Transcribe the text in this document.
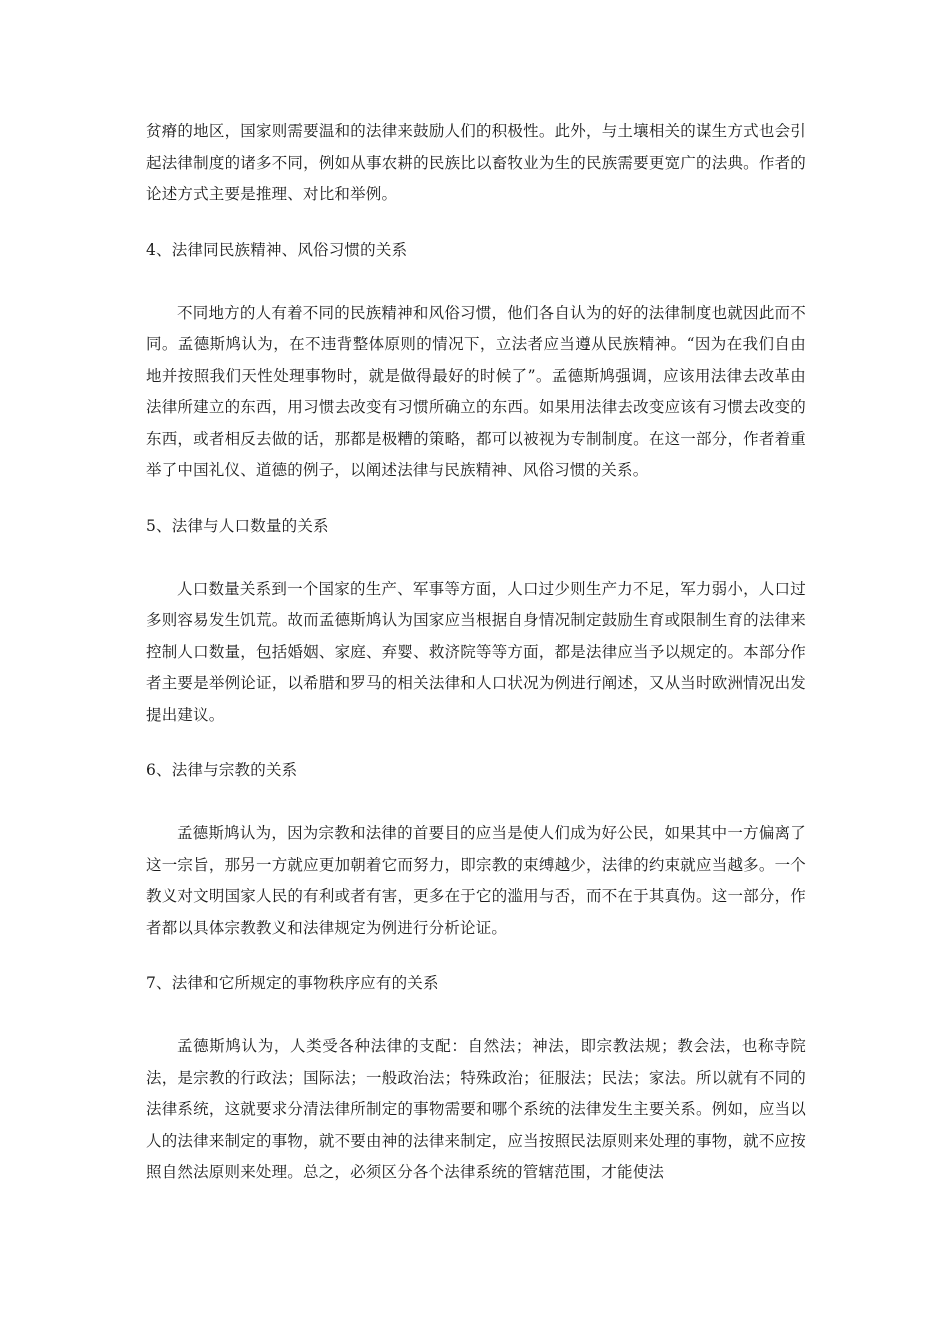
贫瘠的地区，国家则需要温和的法律来鼓励人们的积极性。此外，与土壤相关的谋生方式也会引起法律制度的诸多不同，例如从事农耕的民族比以畜牧业为生的民族需要更宽广的法典。作者的论述方式主要是推理、对比和举例。

4、法律同民族精神、风俗习惯的关系

不同地方的人有着不同的民族精神和风俗习惯，他们各自认为的好的法律制度也就因此而不同。孟德斯鸠认为，在不违背整体原则的情况下，立法者应当遵从民族精神。“因为在我们自由地并按照我们天性处理事物时，就是做得最好的时候了”。孟德斯鸠强调，应该用法律去改革由法律所建立的东西，用习惯去改变有习惯所确立的东西。如果用法律去改变应该有习惯去改变的东西，或者相反去做的话，那都是极糟的策略，都可以被视为专制制度。在这一部分，作者着重举了中国礼仪、道德的例子，以阐述法律与民族精神、风俗习惯的关系。

5、法律与人口数量的关系

人口数量关系到一个国家的生产、军事等方面，人口过少则生产力不足，军力弱小，人口过多则容易发生饥荒。故而孟德斯鸠认为国家应当根据自身情况制定鼓励生育或限制生育的法律来控制人口数量，包括婚姻、家庭、弃婴、救济院等等方面，都是法律应当予以规定的。本部分作者主要是举例论证，以希腊和罗马的相关法律和人口状况为例进行阐述，又从当时欧洲情况出发提出建议。

6、法律与宗教的关系

孟德斯鸠认为，因为宗教和法律的首要目的应当是使人们成为好公民，如果其中一方偏离了这一宗旨，那另一方就应更加朝着它而努力，即宗教的束缚越少，法律的约束就应当越多。一个教义对文明国家人民的有利或者有害，更多在于它的滥用与否，而不在于其真伪。这一部分，作者都以具体宗教教义和法律规定为例进行分析论证。

7、法律和它所规定的事物秩序应有的关系

孟德斯鸠认为，人类受各种法律的支配：自然法；神法，即宗教法规；教会法，也称寺院法，是宗教的行政法；国际法；一般政治法；特殊政治；征服法；民法；家法。所以就有不同的法律系统，这就要求分清法律所制定的事物需要和哪个系统的法律发生主要关系。例如，应当以人的法律来制定的事物，就不要由神的法律来制定，应当按照民法原则来处理的事物，就不应按照自然法原则来处理。总之，必须区分各个法律系统的管辖范围，才能使法
